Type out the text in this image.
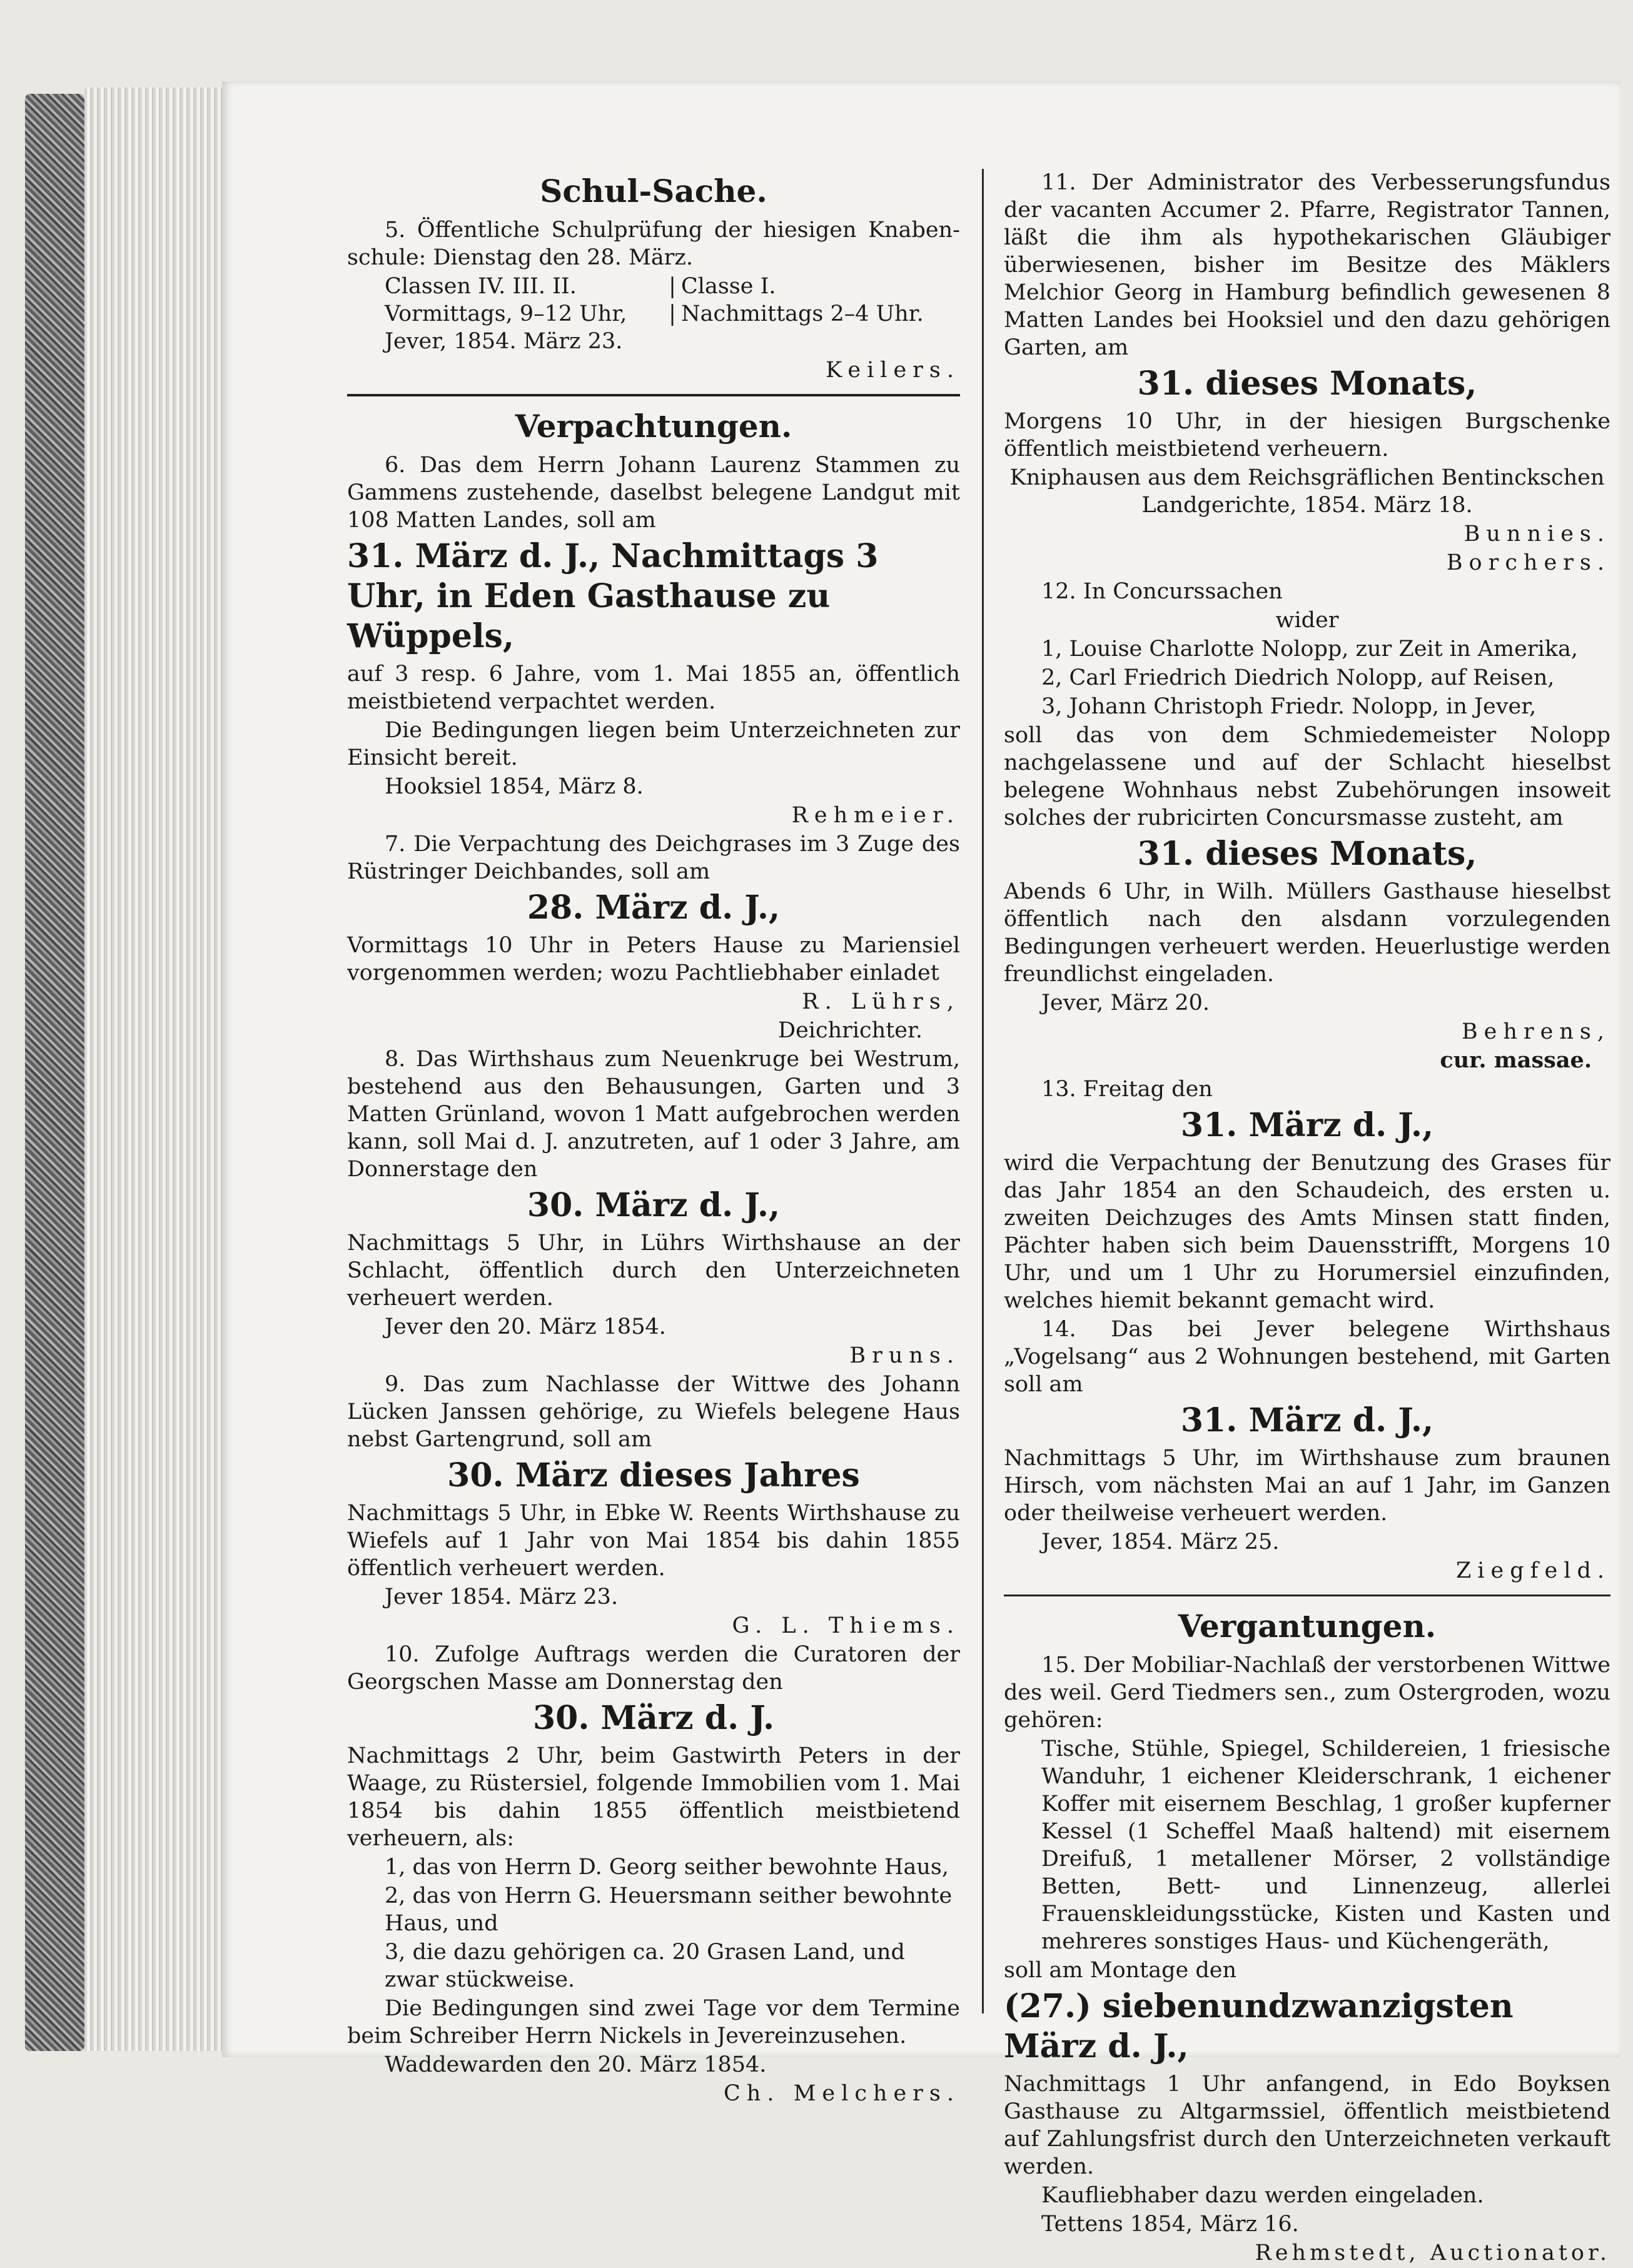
Schul-Sache.
5. Öffentliche Schulprüfung der hiesigen Knaben-schule: Dienstag den 28. März.
Classen IV. III. II.	| Classe I.
Vormittags, 9–12 Uhr,	| Nachmittags 2–4 Uhr.
Jever, 1854. März 23.
Keilers.
Verpachtungen.
6. Das dem Herrn Johann Laurenz Stammen zu Gammens zustehende, daselbst belegene Landgut mit 108 Matten Landes, soll am
31. März d. J., Nachmittags 3 Uhr, in Eden Gasthause zu Wüppels,
auf 3 resp. 6 Jahre, vom 1. Mai 1855 an, öffentlich meistbietend verpachtet werden.
Die Bedingungen liegen beim Unterzeichneten zur Einsicht bereit.
Hooksiel 1854, März 8.
Rehmeier.
7. Die Verpachtung des Deichgrases im 3 Zuge des Rüstringer Deichbandes, soll am
28. März d. J.,
Vormittags 10 Uhr in Peters Hause zu Mariensiel vorgenommen werden; wozu Pachtliebhaber einladet
R. Lührs,
Deichrichter.
8. Das Wirthshaus zum Neuenkruge bei Westrum, bestehend aus den Behausungen, Garten und 3 Matten Grünland, wovon 1 Matt aufgebrochen werden kann, soll Mai d. J. anzutreten, auf 1 oder 3 Jahre, am Donnerstage den
30. März d. J.,
Nachmittags 5 Uhr, in Lührs Wirthshause an der Schlacht, öffentlich durch den Unterzeichneten verheuert werden.
Jever den 20. März 1854.
Bruns.
9. Das zum Nachlasse der Wittwe des Johann Lücken Janssen gehörige, zu Wiefels belegene Haus nebst Gartengrund, soll am
30. März dieses Jahres
Nachmittags 5 Uhr, in Ebke W. Reents Wirthshause zu Wiefels auf 1 Jahr von Mai 1854 bis dahin 1855 öffentlich verheuert werden.
Jever 1854. März 23.
G. L. Thiems.
10. Zufolge Auftrags werden die Curatoren der Georgschen Masse am Donnerstag den
30. März d. J.
Nachmittags 2 Uhr, beim Gastwirth Peters in der Waage, zu Rüstersiel, folgende Immobilien vom 1. Mai 1854 bis dahin 1855 öffentlich meistbietend verheuern, als:
1, das von Herrn D. Georg seither bewohnte Haus,
2, das von Herrn G. Heuersmann seither bewohnte Haus, und
3, die dazu gehörigen ca. 20 Grasen Land, und zwar stückweise.
Die Bedingungen sind zwei Tage vor dem Termine beim Schreiber Herrn Nickels in Jevereinzusehen.
Waddewarden den 20. März 1854.
Ch. Melchers.
11. Der Administrator des Verbesserungsfundus der vacanten Accumer 2. Pfarre, Registrator Tannen, läßt die ihm als hypothekarischen Gläubiger überwiesenen, bisher im Besitze des Mäklers Melchior Georg in Hamburg befindlich gewesenen 8 Matten Landes bei Hooksiel und den dazu gehörigen Garten, am
31. dieses Monats,
Morgens 10 Uhr, in der hiesigen Burgschenke öffentlich meistbietend verheuern.
Kniphausen aus dem Reichsgräflichen Bentinckschen Landgerichte, 1854. März 18.
Bunnies.
Borchers.
12. In Concurssachen
wider
1, Louise Charlotte Nolopp, zur Zeit in Amerika,
2, Carl Friedrich Diedrich Nolopp, auf Reisen,
3, Johann Christoph Friedr. Nolopp, in Jever,
soll das von dem Schmiedemeister Nolopp nachgelassene und auf der Schlacht hieselbst belegene Wohnhaus nebst Zubehörungen insoweit solches der rubricirten Concursmasse zusteht, am
31. dieses Monats,
Abends 6 Uhr, in Wilh. Müllers Gasthause hieselbst öffentlich nach den alsdann vorzulegenden Bedingungen verheuert werden. Heuerlustige werden freundlichst eingeladen.
Jever, März 20.
Behrens,
cur. massae.
13. Freitag den
31. März d. J.,
wird die Verpachtung der Benutzung des Grases für das Jahr 1854 an den Schaudeich, des ersten u. zweiten Deichzuges des Amts Minsen statt finden, Pächter haben sich beim Dauensstrifft, Morgens 10 Uhr, und um 1 Uhr zu Horumersiel einzufinden, welches hiemit bekannt gemacht wird.
14. Das bei Jever belegene Wirthshaus „Vogelsang“ aus 2 Wohnungen bestehend, mit Garten soll am
31. März d. J.,
Nachmittags 5 Uhr, im Wirthshause zum braunen Hirsch, vom nächsten Mai an auf 1 Jahr, im Ganzen oder theilweise verheuert werden.
Jever, 1854. März 25.
Ziegfeld.
Vergantungen.
15. Der Mobiliar-Nachlaß der verstorbenen Wittwe des weil. Gerd Tiedmers sen., zum Ostergroden, wozu gehören:
Tische, Stühle, Spiegel, Schildereien, 1 friesische Wanduhr, 1 eichener Kleiderschrank, 1 eichener Koffer mit eisernem Beschlag, 1 großer kupferner Kessel (1 Scheffel Maaß haltend) mit eisernem Dreifuß, 1 metallener Mörser, 2 vollständige Betten, Bett- und Linnenzeug, allerlei Frauenskleidungsstücke, Kisten und Kasten und mehreres sonstiges Haus- und Küchengeräth,
soll am Montage den
(27.) siebenundzwanzigsten März d. J.,
Nachmittags 1 Uhr anfangend, in Edo Boyksen Gasthause zu Altgarmssiel, öffentlich meistbietend auf Zahlungsfrist durch den Unterzeichneten verkauft werden.
Kaufliebhaber dazu werden eingeladen.
Tettens 1854, März 16.
Rehmstedt, Auctionator.
